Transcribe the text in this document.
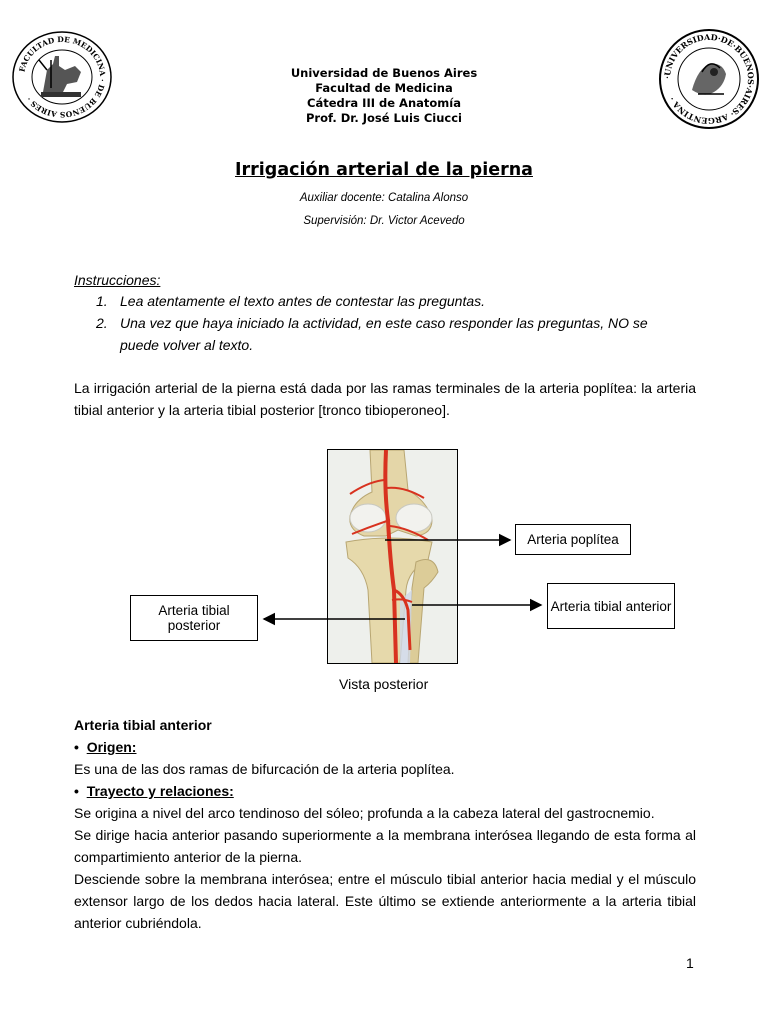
FACULTAD DE MEDICINA · DE BUENOS AIRES ·
·UNIVERSIDAD·DE·BUENOS·AIRES· ARGENTINA ·
Universidad de Buenos Aires
Facultad de Medicina
Cátedra III de Anatomía
Prof. Dr. José Luis Ciucci
Irrigación arterial de la pierna
Auxiliar docente: Catalina Alonso
Supervisión: Dr. Victor Acevedo
Instrucciones:
1. Lea atentamente el texto antes de contestar las preguntas.
2. Una vez que haya iniciado la actividad, en este caso responder las preguntas, NO se
puede volver al texto.
La irrigación arterial de la pierna está dada por las ramas terminales de la arteria poplítea: la arteria tibial anterior y la arteria tibial posterior [tronco tibioperoneo].
Arteria poplítea
Arteria tibial posterior
Arteria tibial anterior
Vista posterior
Arteria tibial anterior
•  Origen:
Es una de las dos ramas de bifurcación de la arteria poplítea.
•  Trayecto y relaciones:
Se origina a nivel del arco tendinoso del sóleo; profunda a la cabeza lateral del gastrocnemio.
Se dirige hacia anterior pasando superiormente a la membrana interósea llegando de esta forma al compartimiento anterior de la pierna.
Desciende sobre la membrana interósea; entre el músculo tibial anterior hacia medial y el músculo extensor largo de los dedos hacia lateral. Este último se extiende anteriormente a la arteria tibial anterior cubriéndola.
1
